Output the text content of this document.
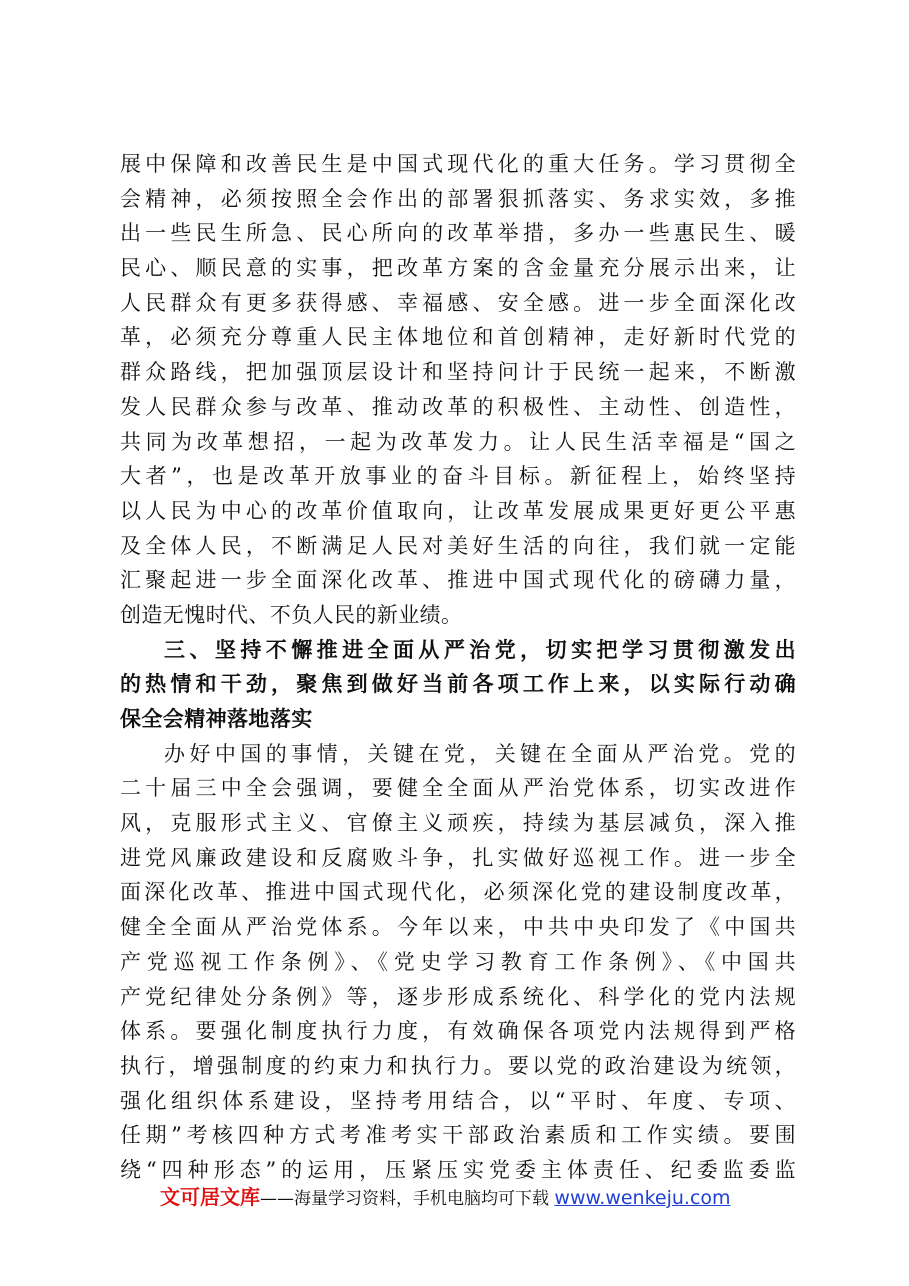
展中保障和改善民生是中国式现代化的重大任务。学习贯彻全
会精神，必须按照全会作出的部署狠抓落实、务求实效，多推
出一些民生所急、民心所向的改革举措，多办一些惠民生、暖
民心、顺民意的实事，把改革方案的含金量充分展示出来，让
人民群众有更多获得感、幸福感、安全感。进一步全面深化改
革，必须充分尊重人民主体地位和首创精神，走好新时代党的
群众路线，把加强顶层设计和坚持问计于民统一起来，不断激
发人民群众参与改革、推动改革的积极性、主动性、创造性，
共同为改革想招，一起为改革发力。让人民生活幸福是“国之
大者”，也是改革开放事业的奋斗目标。新征程上，始终坚持
以人民为中心的改革价值取向，让改革发展成果更好更公平惠
及全体人民，不断满足人民对美好生活的向往，我们就一定能
汇聚起进一步全面深化改革、推进中国式现代化的磅礴力量，
创造无愧时代、不负人民的新业绩。
三、坚持不懈推进全面从严治党，切实把学习贯彻激发出
的热情和干劲，聚焦到做好当前各项工作上来，以实际行动确
保全会精神落地落实
办好中国的事情，关键在党，关键在全面从严治党。党的
二十届三中全会强调，要健全全面从严治党体系，切实改进作
风，克服形式主义、官僚主义顽疾，持续为基层减负，深入推
进党风廉政建设和反腐败斗争，扎实做好巡视工作。进一步全
面深化改革、推进中国式现代化，必须深化党的建设制度改革，
健全全面从严治党体系。今年以来，中共中央印发了《中国共
产党巡视工作条例》、《党史学习教育工作条例》、《中国共
产党纪律处分条例》等，逐步形成系统化、科学化的党内法规
体系。要强化制度执行力度，有效确保各项党内法规得到严格
执行，增强制度的约束力和执行力。要以党的政治建设为统领，
强化组织体系建设，坚持考用结合，以“平时、年度、专项、
任期”考核四种方式考准考实干部政治素质和工作实绩。要围
绕“四种形态”的运用，压紧压实党委主体责任、纪委监委监
文可居文库——海量学习资料，手机电脑均可下载 www.wenkeju.com
